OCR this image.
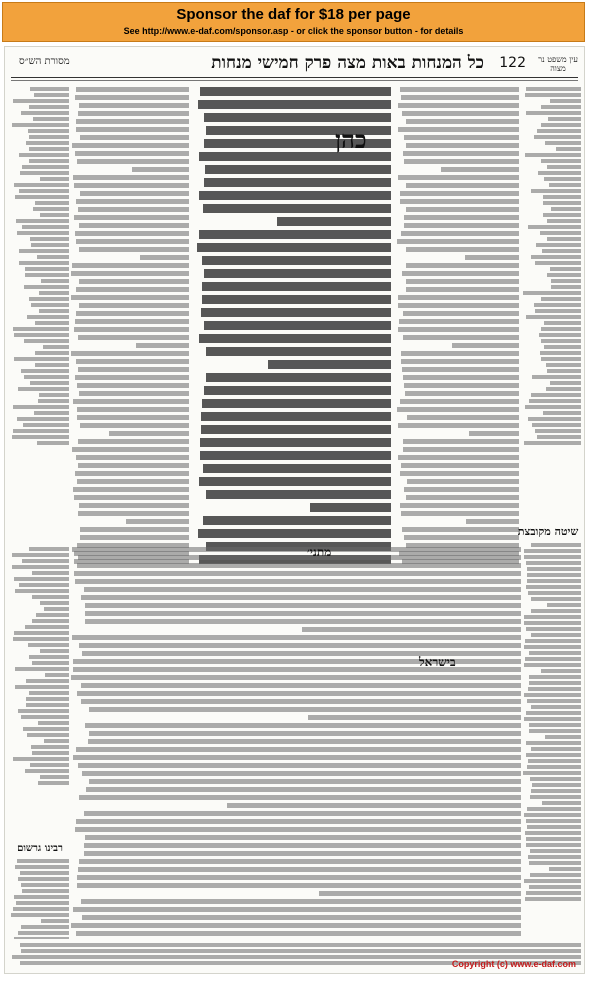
Sponsor the daf for $18 per page
See http://www.e-daf.com/sponsor.asp - or click the sponsor button - for details
122
כל המנחות באות מצה פרק חמישי מנחות
מסורת הש״ס	עין משפט נר מצוה
כהן
שיטה מקובצת
מתני׳
בישראל
רבינו גרשום
Copyright (c) www.e-daf.com
